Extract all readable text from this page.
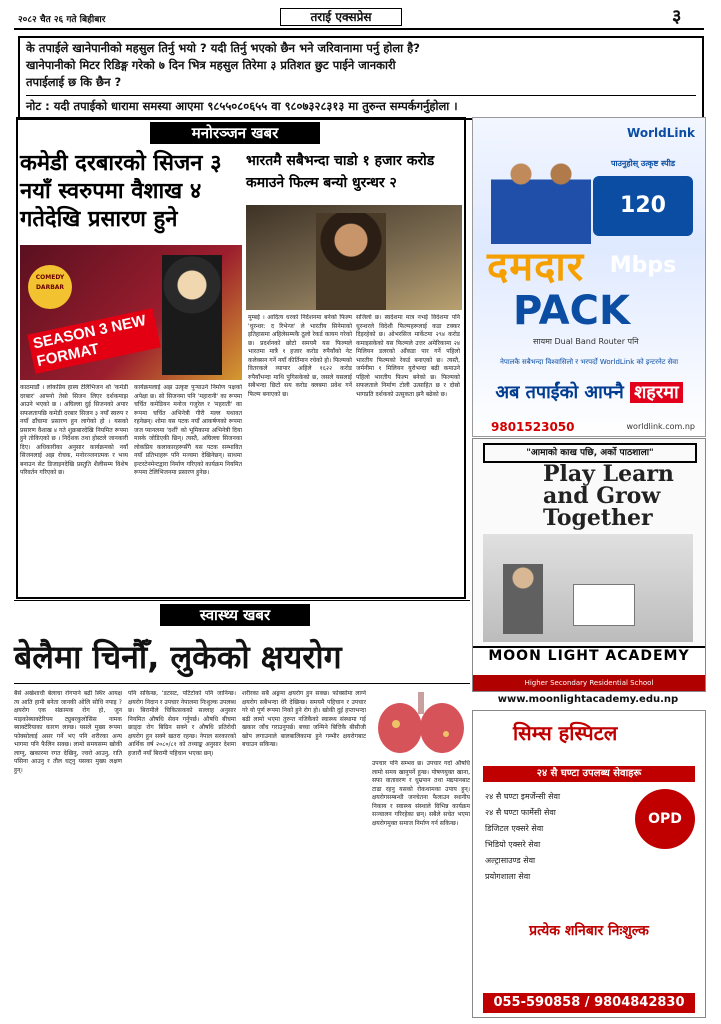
२०८२ चैत २६ गते बिहीबार	तराई एक्सप्रेस	३
के तपाईले खानेपानीको महसुल तिर्नु भयो ? यदी तिर्नु भएको छैन भने जरिवानामा पर्नु होला है?
खानेपानीको मिटर रिडिङ्ग गरेको ७ दिन भित्र महसुल तिरेमा ३ प्रतिशत छुट पाईने जानकारी
तपाईलाई छ कि छैन ?
नोट : यदी तपाईको धारामा समस्या आएमा ९८५५०८०६५५ वा ९८०७३२८३१३ मा तुरुन्त सम्पर्कगर्नुहोला ।
मनोरञ्जन खबर
कमेडी दरबारको सिजन ३ नयाँ स्वरुपमा वैशाख ४ गतेदेखि प्रसारण हुने
COMEDY DARBAR
SEASON 3 NEW FORMAT
काठमाडौं । लोकप्रिय हास्य टेलिभिजन शो 'कमेडी दरबार' आफ्नो तेस्रो सिजन लिएर दर्शकमाझ आउने भएको छ । अघिल्ला दुई सिजनको अपार सफलतापछि कमेडी दरबार सिजन ३ नयाँ स्वरुप र नयाँ ढाँचामा प्रसारण हुन लागेको हो । यसको प्रसारण वैशाख ४ गते शुक्रबारदेखि नियमित रूपमा हुने तोकिएको छ । निर्देशक तथा होस्टले जानकारी दिए। अधिकारीका अनुसार कार्यक्रमको नयाँ सिजनलाई अझ रोचक, मनोरञ्जनात्मक र भव्य बनाउन सेट डिजाइनदेखि प्रस्तुति शैलीसम्म विशेष परिवर्तन गरिएको छ।
कार्यक्रमलाई अझ उत्कृष्ट पुऱ्याउने निर्माण पक्षको अपेक्षा छ। सो सिजनमा पनि 'महारानी' का रूपमा चर्चित कमेडियन मनोज गजुरेल र 'महराती' का रूपमा चर्चित अभिनेत्री गीरी मल्ल यथावत रहनेछन्। शोमा यस पटक नयाँ आकर्षणको रूपमा जज प्यानलमा 'दर्शी' को भूमिकामा अभिनेत्री दिया मास्के जोडिएकी छिन्। त्यस्तै, अघिल्ला सिजनका लोकप्रिय कलाकारहरूसँगै यस पटक सम्भावित नयाँ प्रतिभाहरू पनि मञ्चमा देखिनेछन्। साथमा इन्टरटेनमेन्टद्वारा निर्माण गरिएको कार्यक्रम नियमित रूपमा टेलिभिजनमा प्रसारण हुनेछ।
भारतमै सबैभन्दा चाडो १ हजार करोड कमाउने फिल्म बन्यो धुरन्धर २
मुम्बई । आदित्य धरको निर्देशनमा बनेको फिल्म 'धुरन्धर: द रिभेन्ज' ले भारतीय सिनेमाको इतिहासमा अहिलेसम्मकै ठूलो रेकर्ड कायम गरेको छ। प्रदर्शनको छोटो समयमै यस फिल्मले भारतमा मात्रै १ हजार करोड रुपैयाँको नेट कलेक्सन गर्ने नयाँ कीर्तिमान रचेको हो। फिल्मको वितरकले व्यापार अहिले १६२२ करोड रुपैयाँभन्दा माथि पुगिसकेको छ, जसले यसलाई सबैभन्दा छिटो सय करोड क्लबमा प्रवेश गर्ने फिल्म बनाएको छ।
सजिलो छ। स्वदेशमा मात्र नभई विदेशमा पनि धुरन्धरले विदेशी फिल्महरूलाई कडा टक्कर दिइरहेको छ। ओभरसिज मार्केटमा २९४ करोड कमाइसकेको यस फिल्मले उत्तर अमेरिकामा २४ मिलियन डलरको आँकडा पार गर्ने पहिलो भारतीय फिल्मको रेकर्ड बनाएको छ। त्यस्तै, जर्मनीमा १ मिलियन युरोभन्दा बढी कमाउने पहिलो भारतीय फिल्म बनेको छ। फिल्मको सफलताले निर्माण टोली उत्साहित छ र दोस्रो भागप्रति दर्शकको उत्सुकता झनै बढेको छ।
स्वास्थ्य खबर
बेलैमा चिनौँ, लुकेको क्षयरोग
बैसे अखेशाधी बेलाचा रोगपाने बढी स्थिर आयक्ष त्य आति हामी बनेता जानकी ओलि सोधि नपाइ ? क्षयरोग एक संक्रामक रोग हो, जुन माइकोब्याक्टेरियम ट्युबरकुलोसिस नामक ब्याक्टेरियाका कारण लाग्छ। यसले मुख्य रूपमा फोक्सोलाई असर गर्ने भए पनि शरीरका अन्य भागमा पनि फैलिन सक्छ। लामो समयसम्म खोकी लाग्नु, खकारमा रगत देखिनु, ज्वरो आउनु, राति पसिना आउनु र तौल घट्नु यसका मुख्य लक्षण हुन्।
पनि सकिन्छ, ‘डटसट, पटिटोको पनि जानिन्छ। क्षयरोग निदान र उपचार नेपालमा निःशुल्क उपलब्ध छ। बिरामीले चिकित्सकको सल्लाह अनुसार नियमित औषधि सेवन गर्नुपर्छ। औषधि बीचमा छाड्दा रोग बिग्रिन सक्ने र औषधि प्रतिरोधी क्षयरोग हुन सक्ने खतरा रहन्छ। नेपाल सरकारको आर्थिक वर्ष २०८०/८१ को तथ्याङ्क अनुसार देशमा हजारौं नयाँ बिरामी पहिचान भएका छन्।
शरीरका सबै अङ्गमा क्षयरोग हुन सक्छ। फोक्सोमा लाग्ने क्षयरोग सबैभन्दा धेरै देखिन्छ। समयमै पहिचान र उपचार गरे यो पूर्ण रूपमा निको हुने रोग हो। खोकी दुई हप्ताभन्दा बढी लामो भएमा तुरुन्त नजिकैको स्वास्थ्य संस्थामा गई खकार जाँच गराउनुपर्छ। बच्चा जन्मिने बित्तिकै बीसीजी खोप लगाउनाले बालबालिकामा हुने गम्भीर क्षयरोगबाट बचाउन सकिन्छ।
उपचार पनि सम्भव छ। उपचार गर्दा औषधि लामो समय खानुपर्ने हुन्छ। पोषणयुक्त खाना, सफा वातावरण र धुम्रपान तथा मद्यपानबाट टाढा रहनु यसको रोकथामका उपाय हुन्। क्षयरोगसम्बन्धी जनचेतना फैलाउन स्थानीय निकाय र स्वास्थ्य संस्थाले विभिन्न कार्यक्रम सञ्चालन गरिरहेका छन्। सबैले सचेत भएमा क्षयरोगमुक्त समाज निर्माण गर्न सकिन्छ।
WorldLink
पाउनुहोस् उत्कृष्ट स्पीड
120 Mbps
दमदार
PACK
सायमा Dual Band Router पनि
नेपालकै सबैभन्दा विश्वासिलो र भरपर्दो WorldLink को इन्टरनेट सेवा
अब तपाईंको आफ्नै शहरमा
9801523050	worldlink.com.np
"आमाको काख पछि, अर्को पाठशाला"
Play Learn and Grow Together
MOON LIGHT ACADEMY
Higher Secondary Residential School
www.moonlightacademy.edu.np
सिम्स हस्पिटल
२४ सै घण्टा उपलब्ध सेवाहरू
२४ सै घण्टा इमर्जेन्सी सेवा
२४ सै घण्टा फार्मेसी सेवा
डिजिटल एक्सरे सेवा
भिडियो एक्सरे सेवा
अल्ट्रासाउण्ड सेवा
प्रयोगशाला सेवा
OPD FREE
प्रत्येक शनिबार निःशुल्क
055-590858 / 9804842830
